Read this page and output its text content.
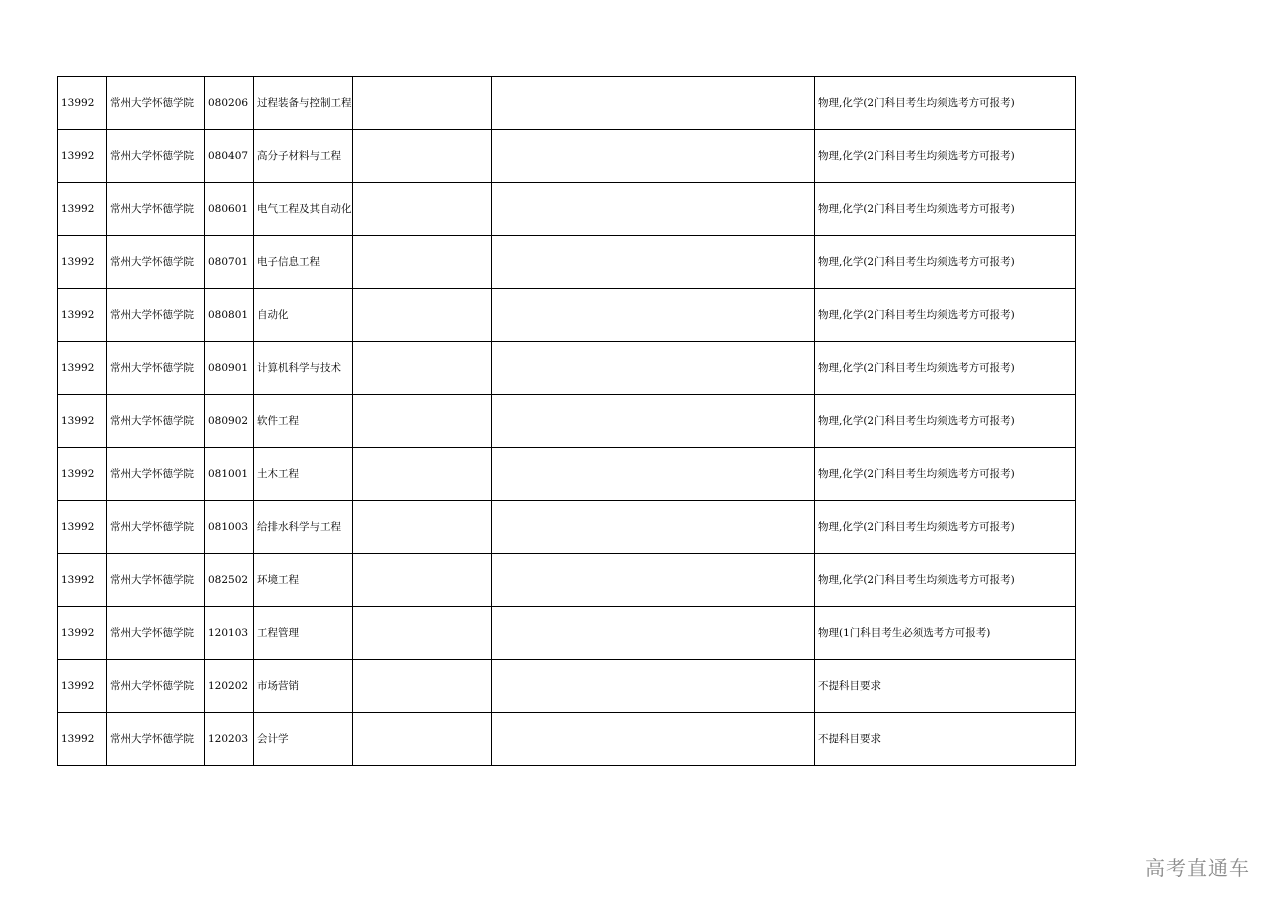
13992	常州大学怀德学院	080206	过程装备与控制工程			物理,化学(2门科目考生均须选考方可报考)
13992	常州大学怀德学院	080407	高分子材料与工程			物理,化学(2门科目考生均须选考方可报考)
13992	常州大学怀德学院	080601	电气工程及其自动化			物理,化学(2门科目考生均须选考方可报考)
13992	常州大学怀德学院	080701	电子信息工程			物理,化学(2门科目考生均须选考方可报考)
13992	常州大学怀德学院	080801	自动化			物理,化学(2门科目考生均须选考方可报考)
13992	常州大学怀德学院	080901	计算机科学与技术			物理,化学(2门科目考生均须选考方可报考)
13992	常州大学怀德学院	080902	软件工程			物理,化学(2门科目考生均须选考方可报考)
13992	常州大学怀德学院	081001	土木工程			物理,化学(2门科目考生均须选考方可报考)
13992	常州大学怀德学院	081003	给排水科学与工程			物理,化学(2门科目考生均须选考方可报考)
13992	常州大学怀德学院	082502	环境工程			物理,化学(2门科目考生均须选考方可报考)
13992	常州大学怀德学院	120103	工程管理			物理(1门科目考生必须选考方可报考)
13992	常州大学怀德学院	120202	市场营销			不提科目要求
13992	常州大学怀德学院	120203	会计学			不提科目要求
高考直通车
